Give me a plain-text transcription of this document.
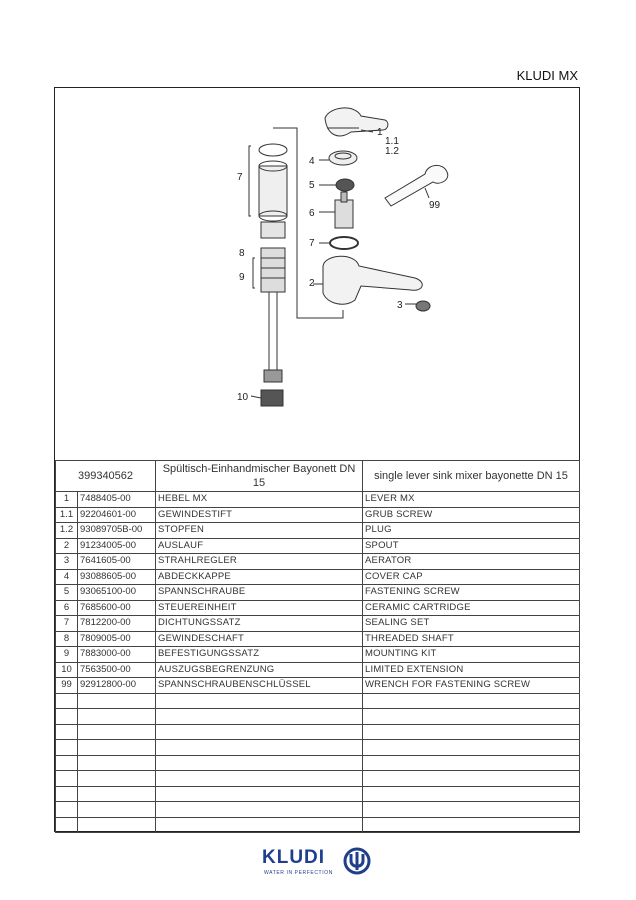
KLUDI MX
1
1.1
1.2
4
5
6
7
2
3
99
7
8
9
10
399340562		Spültisch-Einhandmischer Bayonett DN 15	single lever sink mixer bayonette DN 15
1	7488405-00	HEBEL MX	LEVER MX
1.1	92204601-00	GEWINDESTIFT	GRUB SCREW
1.2	93089705B-00	STOPFEN	PLUG
2	91234005-00	AUSLAUF	SPOUT
3	7641605-00	STRAHLREGLER	AERATOR
4	93088605-00	ABDECKKAPPE	COVER CAP
5	93065100-00	SPANNSCHRAUBE	FASTENING SCREW
6	7685600-00	STEUEREINHEIT	CERAMIC CARTRIDGE
7	7812200-00	DICHTUNGSSATZ	SEALING SET
8	7809005-00	GEWINDESCHAFT	THREADED SHAFT
9	7883000-00	BEFESTIGUNGSSATZ	MOUNTING KIT
10	7563500-00	AUSZUGSBEGRENZUNG	LIMITED EXTENSION
99	92912800-00	SPANNSCHRAUBENSCHLÜSSEL	WRENCH FOR FASTENING SCREW

KLUDI
WATER IN PERFECTION
